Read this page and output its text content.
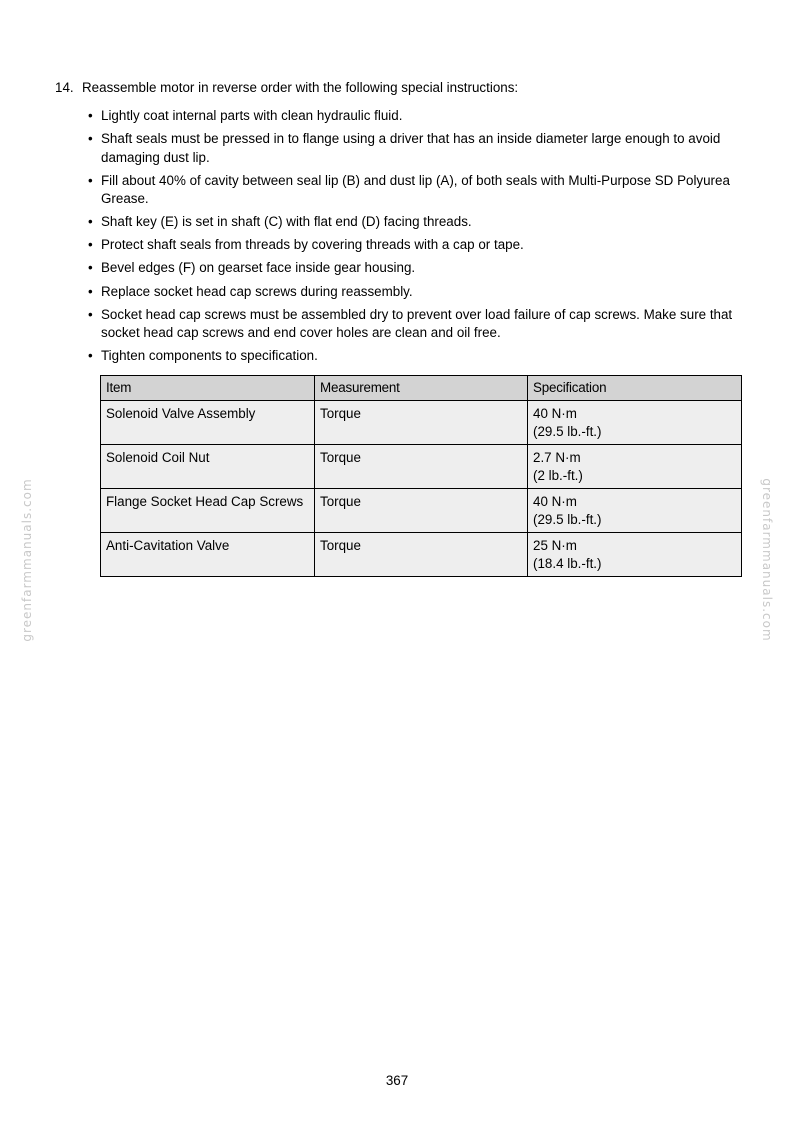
14. Reassemble motor in reverse order with the following special instructions:
• Lightly coat internal parts with clean hydraulic fluid.
• Shaft seals must be pressed in to flange using a driver that has an inside diameter large enough to avoid damaging dust lip.
• Fill about 40% of cavity between seal lip (B) and dust lip (A), of both seals with Multi-Purpose SD Polyurea Grease.
• Shaft key (E) is set in shaft (C) with flat end (D) facing threads.
• Protect shaft seals from threads by covering threads with a cap or tape.
• Bevel edges (F) on gearset face inside gear housing.
• Replace socket head cap screws during reassembly.
• Socket head cap screws must be assembled dry to prevent over load failure of cap screws. Make sure that socket head cap screws and end cover holes are clean and oil free.
• Tighten components to specification.
Item	Measurement	Specification
Solenoid Valve Assembly	Torque	40 N·m
(29.5 lb.-ft.)

Solenoid Coil Nut	Torque	2.7 N·m
(2 lb.-ft.)

Flange Socket Head Cap Screws	Torque	40 N·m
(29.5 lb.-ft.)

Anti-Cavitation Valve	Torque	25 N·m
(18.4 lb.-ft.)
greenfarmmanuals.com	greenfarmmanuals.com
367
